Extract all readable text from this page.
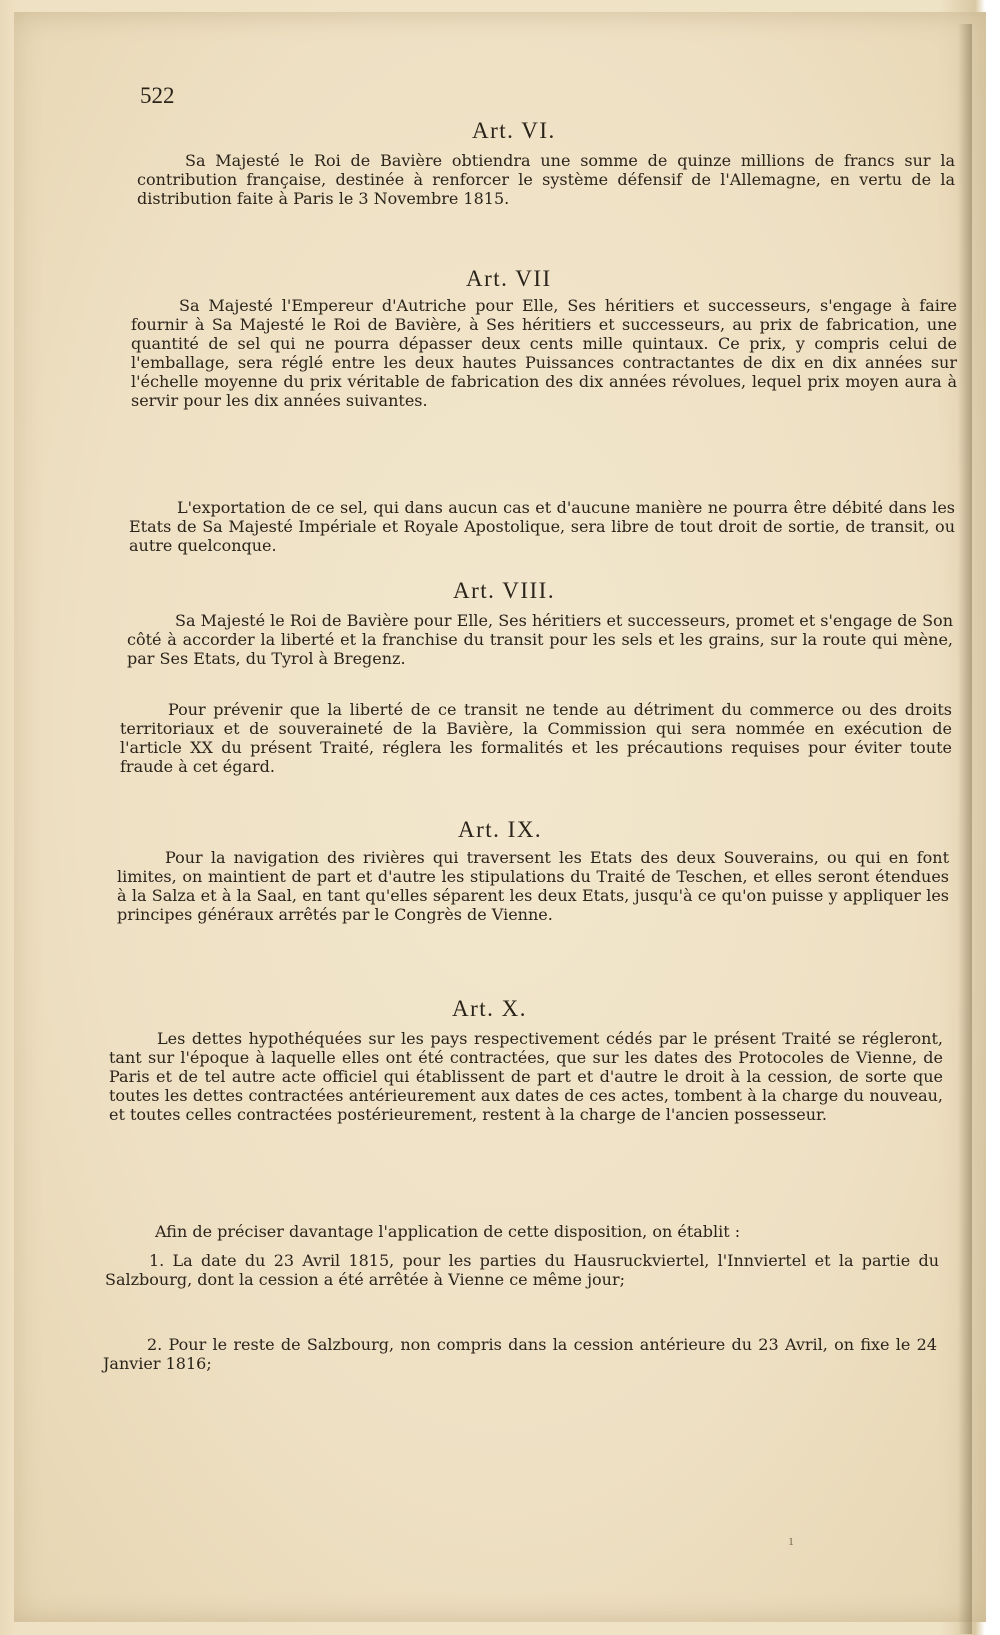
522

Art. VI.

Sa Majesté le Roi de Bavière obtiendra une somme de quinze millions de francs sur la contribution française, destinée à renforcer le système défensif de l'Allemagne, en vertu de la distribution faite à Paris le 3 Novembre 1815.

Art. VII

Sa Majesté l'Empereur d'Autriche pour Elle, Ses héritiers et successeurs, s'engage à faire fournir à Sa Majesté le Roi de Bavière, à Ses héritiers et successeurs, au prix de fabrication, une quantité de sel qui ne pourra dépasser deux cents mille quintaux. Ce prix, y compris celui de l'emballage, sera réglé entre les deux hautes Puissances contractantes de dix en dix années sur l'échelle moyenne du prix véritable de fabrication des dix années révolues, lequel prix moyen aura à servir pour les dix années suivantes.

L'exportation de ce sel, qui dans aucun cas et d'aucune manière ne pourra être débité dans les Etats de Sa Majesté Impériale et Royale Apostolique, sera libre de tout droit de sortie, de transit, ou autre quelconque.

Art. VIII.

Sa Majesté le Roi de Bavière pour Elle, Ses héritiers et successeurs, promet et s'engage de Son côté à accorder la liberté et la franchise du transit pour les sels et les grains, sur la route qui mène, par Ses Etats, du Tyrol à Bregenz.

Pour prévenir que la liberté de ce transit ne tende au détriment du commerce ou des droits territoriaux et de souveraineté de la Bavière, la Commission qui sera nommée en exécution de l'article XX du présent Traité, réglera les formalités et les précautions requises pour éviter toute fraude à cet égard.

Art. IX.

Pour la navigation des rivières qui traversent les Etats des deux Souverains, ou qui en font limites, on maintient de part et d'autre les stipulations du Traité de Teschen, et elles seront étendues à la Salza et à la Saal, en tant qu'elles séparent les deux Etats, jusqu'à ce qu'on puisse y appliquer les principes généraux arrêtés par le Congrès de Vienne.

Art. X.

Les dettes hypothéquées sur les pays respectivement cédés par le présent Traité se régleront, tant sur l'époque à laquelle elles ont été contractées, que sur les dates des Protocoles de Vienne, de Paris et de tel autre acte officiel qui établissent de part et d'autre le droit à la cession, de sorte que toutes les dettes contractées antérieurement aux dates de ces actes, tombent à la charge du nouveau, et toutes celles contractées postérieurement, restent à la charge de l'ancien possesseur.

Afin de préciser davantage l'application de cette disposition, on établit :

1. La date du 23 Avril 1815, pour les parties du Hausruckviertel, l'Innviertel et la partie du Salzbourg, dont la cession a été arrêtée à Vienne ce même jour;

2. Pour le reste de Salzbourg, non compris dans la cession antérieure du 23 Avril, on fixe le 24 Janvier 1816;

ı
